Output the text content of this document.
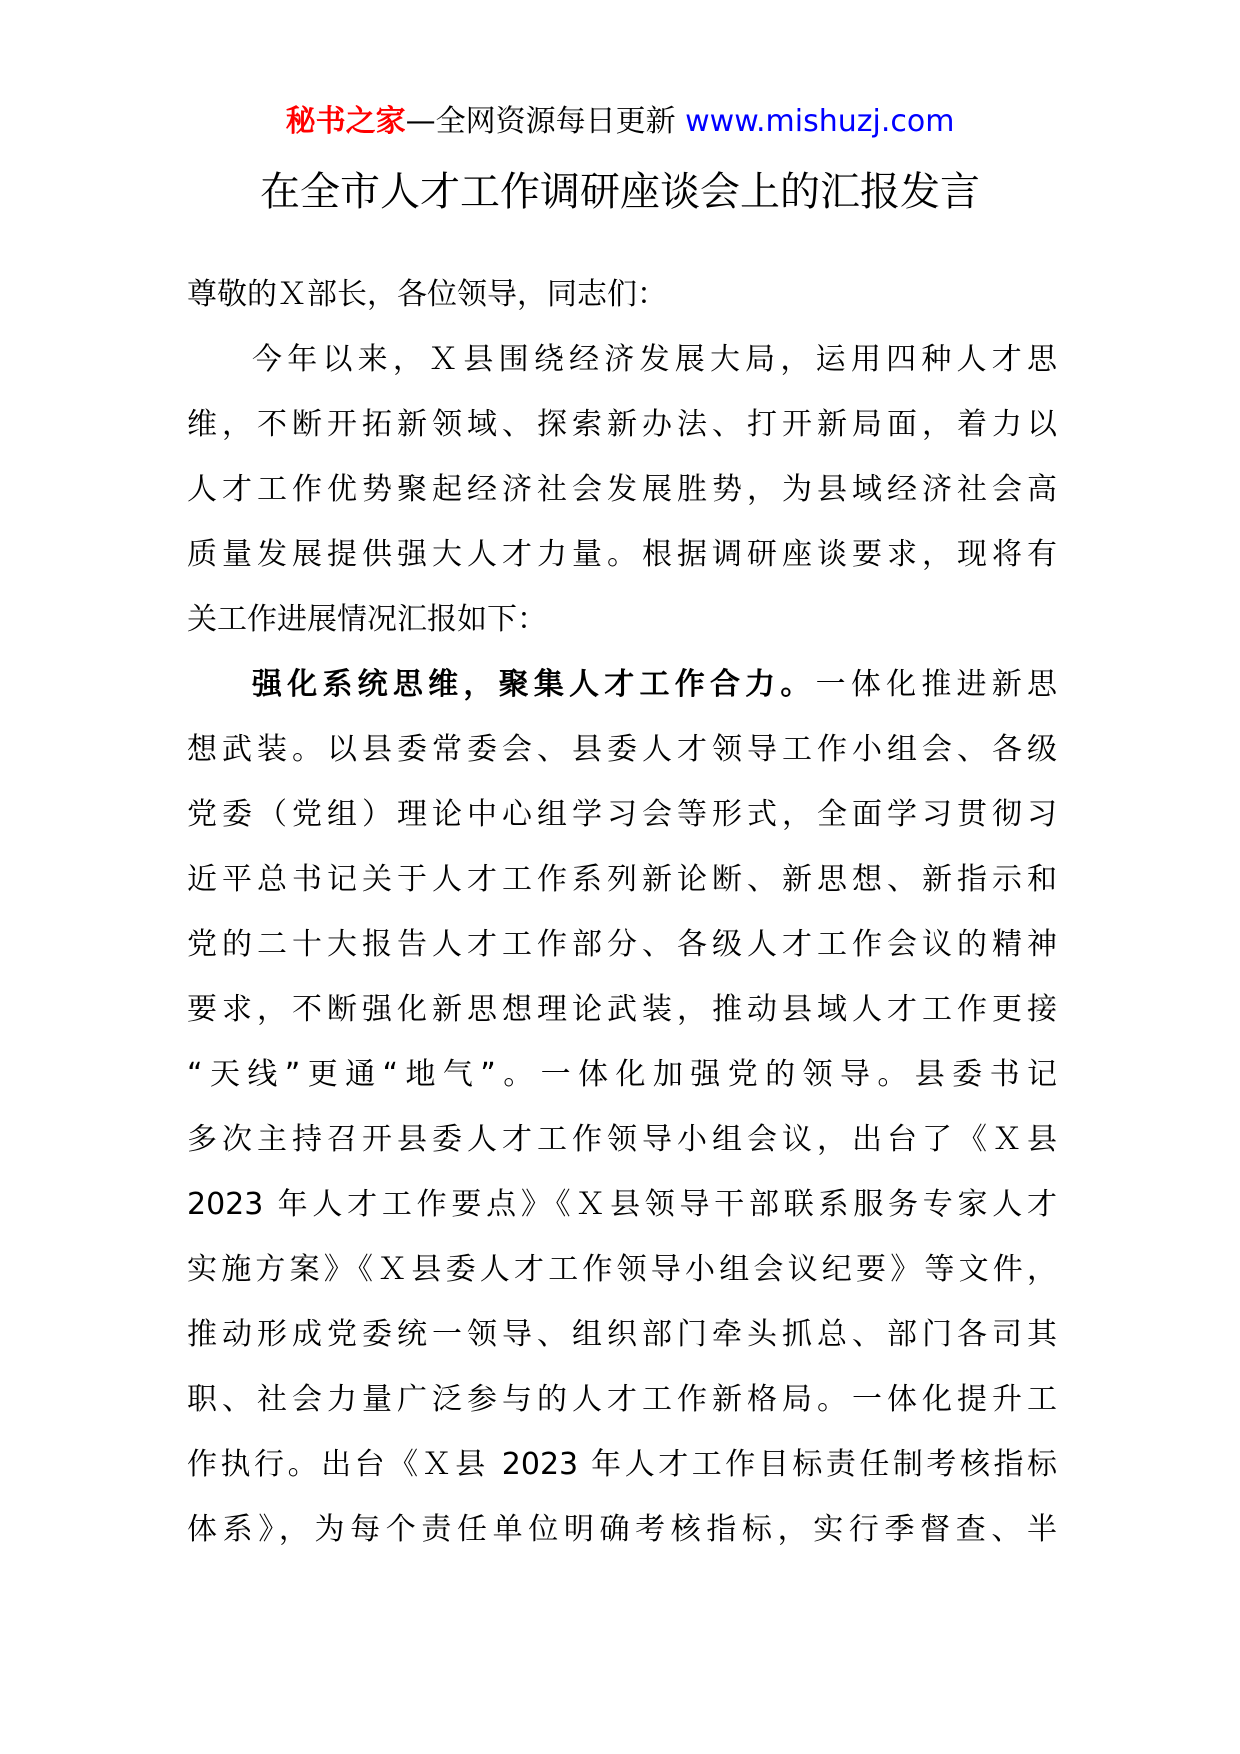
秘书之家—全网资源每日更新 www.mishuzj.com
在全市人才工作调研座谈会上的汇报发言
尊敬的Ｘ部长，各位领导，同志们：
今年以来，Ｘ县围绕经济发展大局，运用四种人才思
维，不断开拓新领域、探索新办法、打开新局面，着力以
人才工作优势聚起经济社会发展胜势，为县域经济社会高
质量发展提供强大人才力量。根据调研座谈要求，现将有
关工作进展情况汇报如下：
强化系统思维，聚集人才工作合力。一体化推进新思
想武装。以县委常委会、县委人才领导工作小组会、各级
党委（党组）理论中心组学习会等形式，全面学习贯彻习
近平总书记关于人才工作系列新论断、新思想、新指示和
党的二十大报告人才工作部分、各级人才工作会议的精神
要求，不断强化新思想理论武装，推动县域人才工作更接
“天线”更通“地气”。一体化加强党的领导。县委书记
多次主持召开县委人才工作领导小组会议，出台了《Ｘ县
2023 年人才工作要点》《Ｘ县领导干部联系服务专家人才
实施方案》《Ｘ县委人才工作领导小组会议纪要》等文件，
推动形成党委统一领导、组织部门牵头抓总、部门各司其
职、社会力量广泛参与的人才工作新格局。一体化提升工
作执行。出台《Ｘ县 2023 年人才工作目标责任制考核指标
体系》，为每个责任单位明确考核指标，实行季督查、半
